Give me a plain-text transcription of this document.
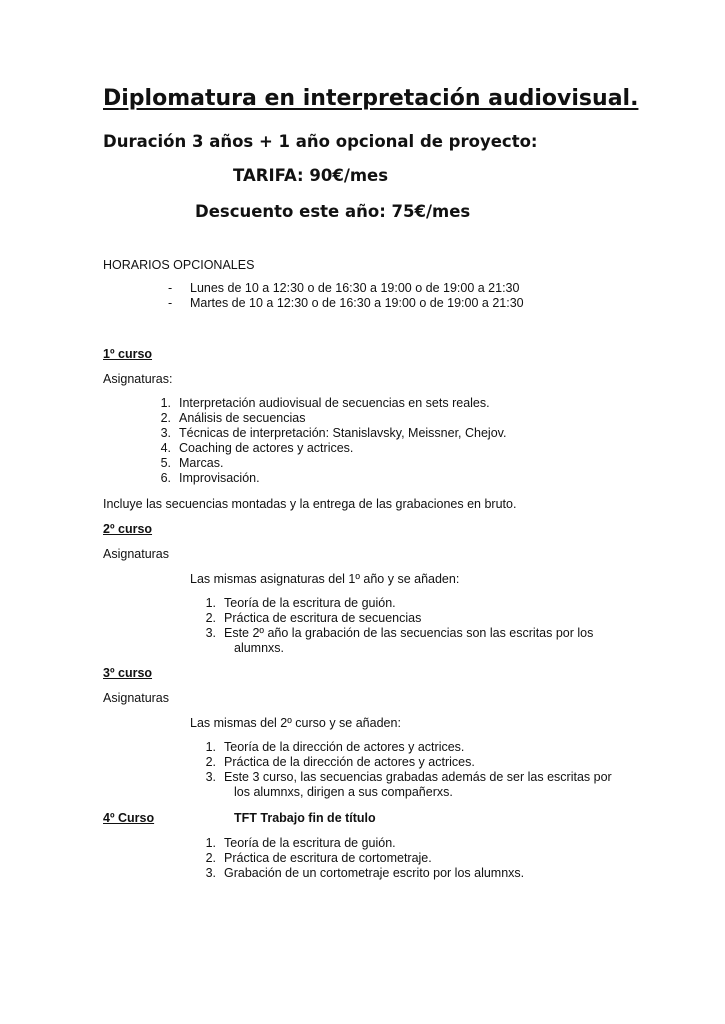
Diplomatura en interpretación audiovisual.
Duración 3 años + 1 año opcional de proyecto:
TARIFA: 90€/mes
Descuento este año: 75€/mes
HORARIOS OPCIONALES
- Lunes de 10 a 12:30 o de 16:30 a 19:00 o de 19:00 a 21:30
- Martes de 10 a 12:30 o de 16:30 a 19:00 o de 19:00 a 21:30
1º curso
Asignaturas:
1. Interpretación audiovisual de secuencias en sets reales.
2. Análisis de secuencias
3. Técnicas de interpretación: Stanislavsky, Meissner, Chejov.
4. Coaching de actores y actrices.
5. Marcas.
6. Improvisación.
Incluye las secuencias montadas y la entrega de las grabaciones en bruto.
2º curso
Asignaturas
Las mismas asignaturas del 1º año y se añaden:
1. Teoría de la escritura de guión.
2. Práctica de escritura de secuencias
3. Este 2º año la grabación de las secuencias son las escritas por los
alumnxs.
3º curso
Asignaturas
Las mismas del 2º curso y se añaden:
1. Teoría de la dirección de actores y actrices.
2. Práctica de la dirección de actores y actrices.
3. Este 3 curso, las secuencias grabadas además de ser las escritas por
los alumnxs, dirigen a sus compañerxs.
4º Curso	TFT Trabajo fin de título
1. Teoría de la escritura de guión.
2. Práctica de escritura de cortometraje.
3. Grabación de un cortometraje escrito por los alumnxs.
